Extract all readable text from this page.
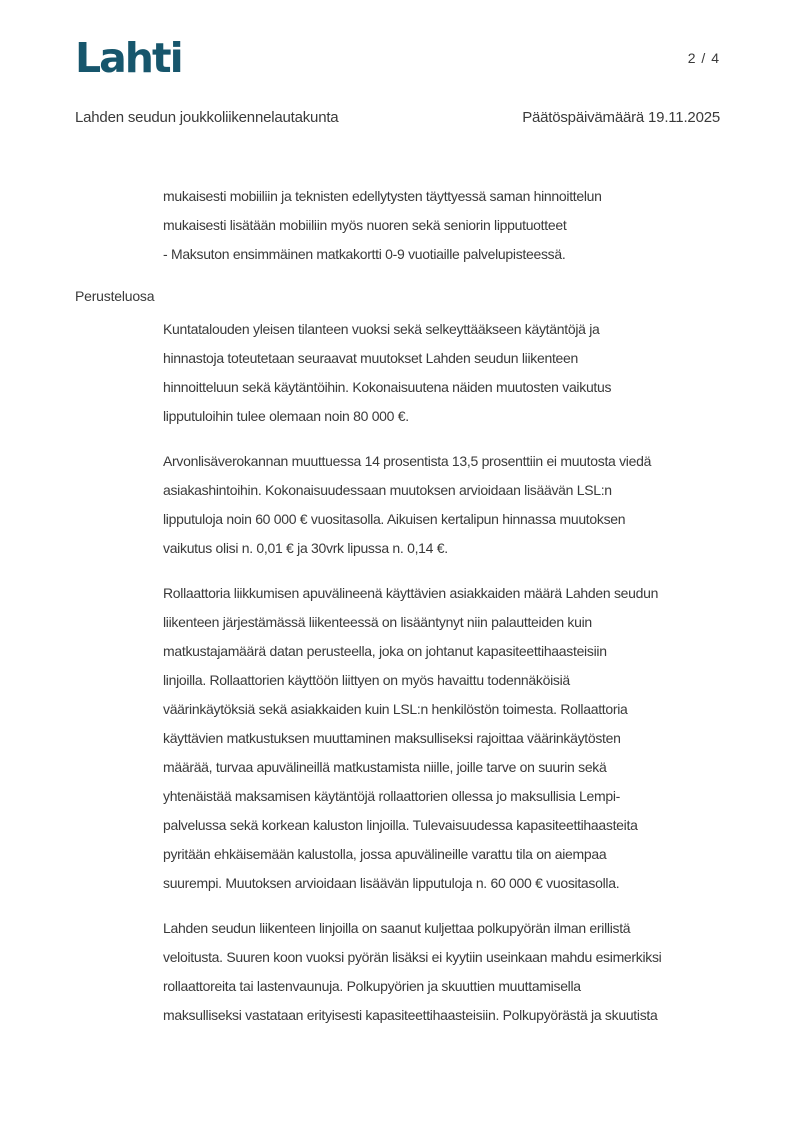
Lahti	2 / 4
Lahden seudun joukkoliikennelautakunta	Päätöspäivämäärä 19.11.2025
mukaisesti mobiiliin ja teknisten edellytysten täyttyessä saman hinnoittelun
mukaisesti lisätään mobiiliin myös nuoren sekä seniorin lipputuotteet
- Maksuton ensimmäinen matkakortti 0-9 vuotiaille palvelupisteessä.
Perusteluosa
Kuntatalouden yleisen tilanteen vuoksi sekä selkeyttääkseen käytäntöjä ja
hinnastoja toteutetaan seuraavat muutokset Lahden seudun liikenteen
hinnoitteluun sekä käytäntöihin. Kokonaisuutena näiden muutosten vaikutus
lipputuloihin tulee olemaan noin 80 000 €.
Arvonlisäverokannan muuttuessa 14 prosentista 13,5 prosenttiin ei muutosta viedä
asiakashintoihin. Kokonaisuudessaan muutoksen arvioidaan lisäävän LSL:n
lipputuloja noin 60 000 € vuositasolla. Aikuisen kertalipun hinnassa muutoksen
vaikutus olisi n. 0,01 € ja 30vrk lipussa n. 0,14 €.
Rollaattoria liikkumisen apuvälineenä käyttävien asiakkaiden määrä Lahden seudun
liikenteen järjestämässä liikenteessä on lisääntynyt niin palautteiden kuin
matkustajamäärä datan perusteella, joka on johtanut kapasiteettihaasteisiin
linjoilla. Rollaattorien käyttöön liittyen on myös havaittu todennäköisiä
väärinkäytöksiä sekä asiakkaiden kuin LSL:n henkilöstön toimesta. Rollaattoria
käyttävien matkustuksen muuttaminen maksulliseksi rajoittaa väärinkäytösten
määrää, turvaa apuvälineillä matkustamista niille, joille tarve on suurin sekä
yhtenäistää maksamisen käytäntöjä rollaattorien ollessa jo maksullisia Lempi-
palvelussa sekä korkean kaluston linjoilla. Tulevaisuudessa kapasiteettihaasteita
pyritään ehkäisemään kalustolla, jossa apuvälineille varattu tila on aiempaa
suurempi. Muutoksen arvioidaan lisäävän lipputuloja n. 60 000 € vuositasolla.
Lahden seudun liikenteen linjoilla on saanut kuljettaa polkupyörän ilman erillistä
veloitusta. Suuren koon vuoksi pyörän lisäksi ei kyytiin useinkaan mahdu esimerkiksi
rollaattoreita tai lastenvaunuja. Polkupyörien ja skuuttien muuttamisella
maksulliseksi vastataan erityisesti kapasiteettihaasteisiin. Polkupyörästä ja skuutista
